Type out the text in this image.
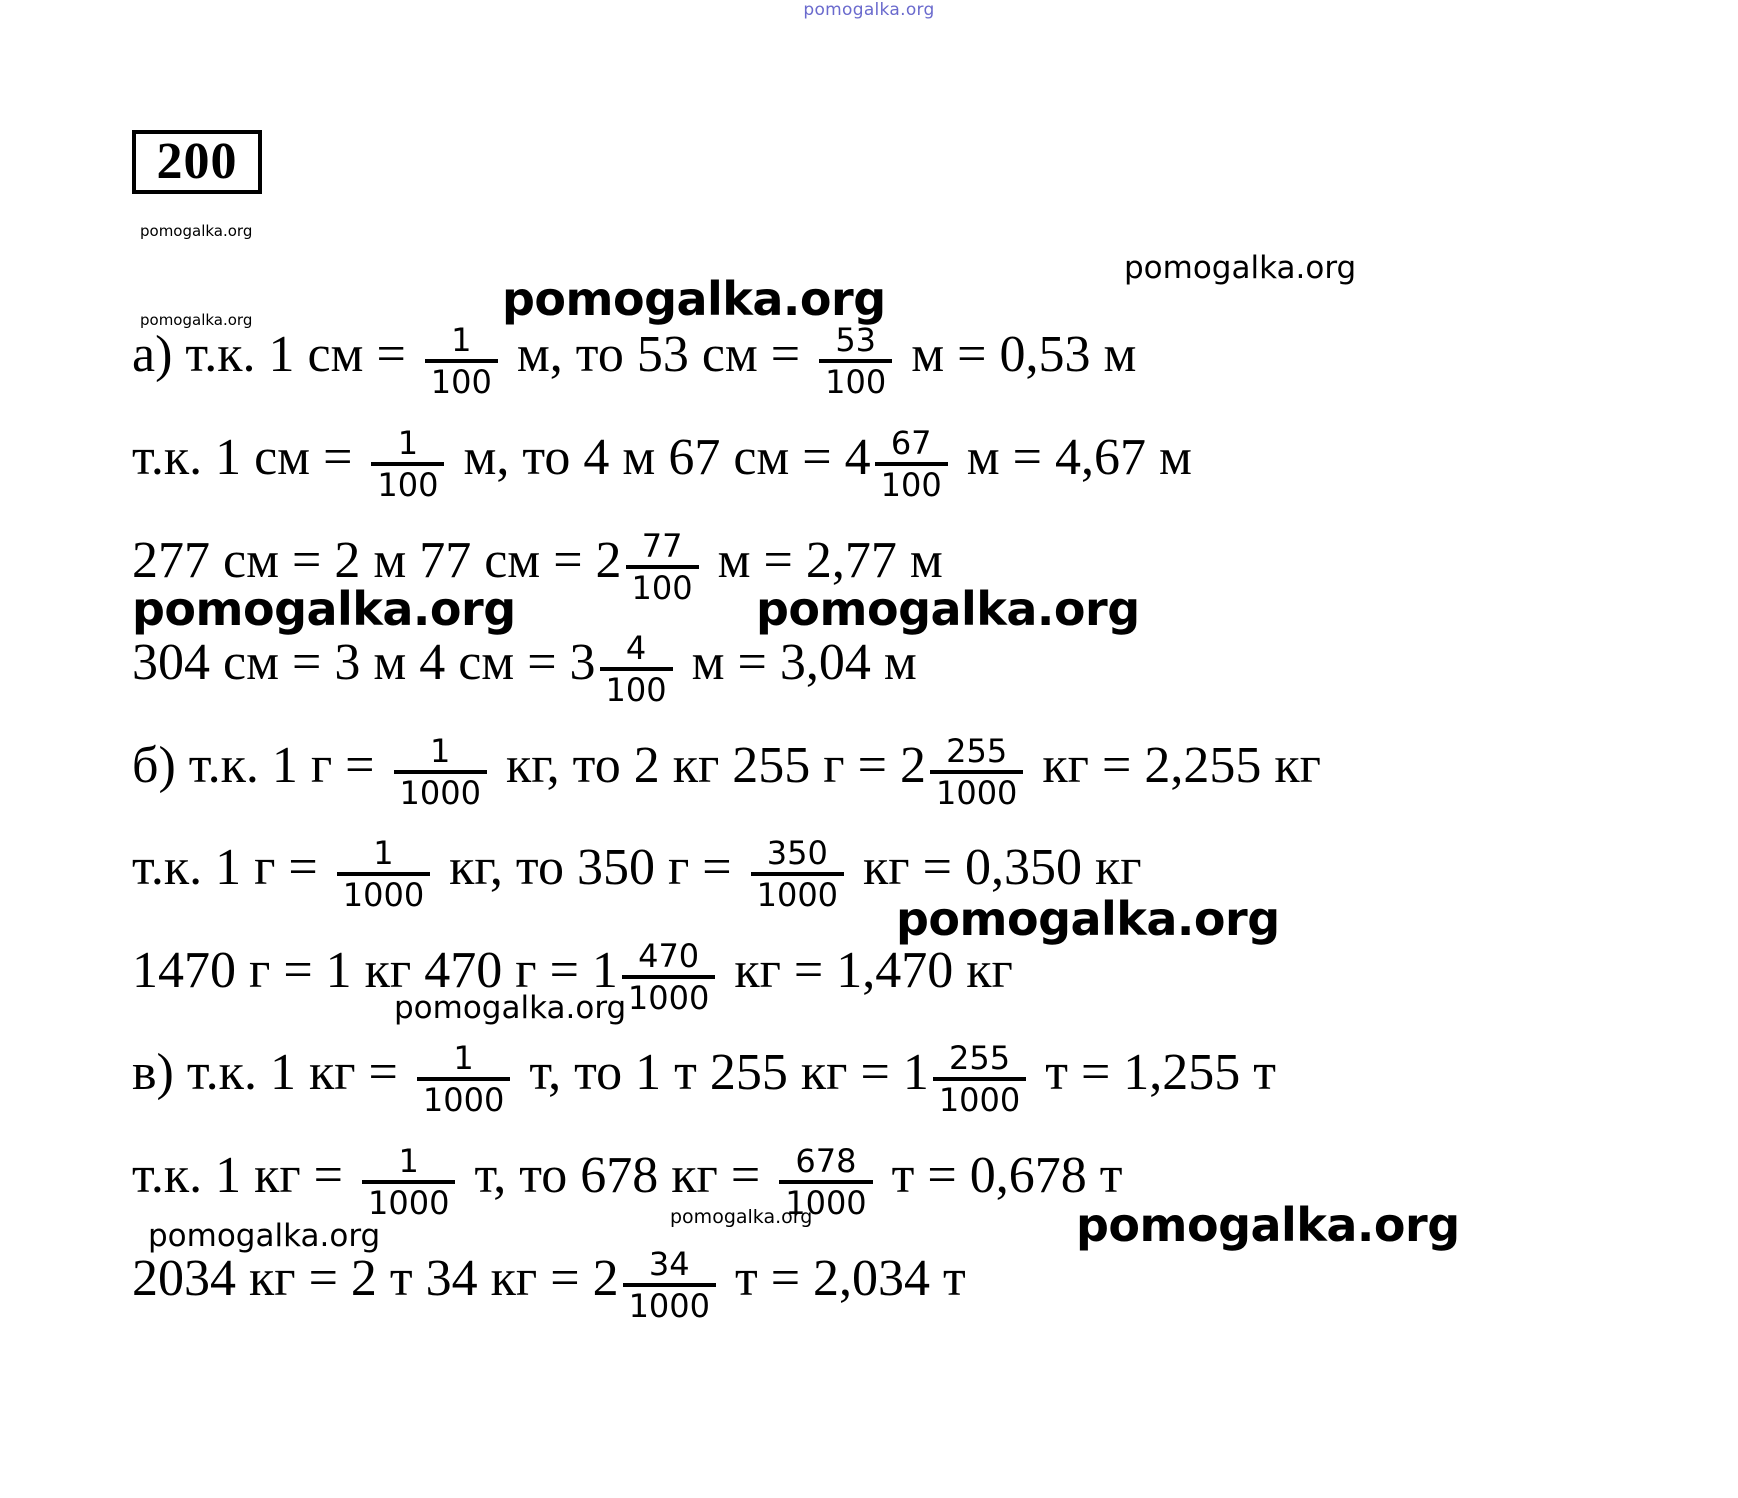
pomogalka.org
200
pomogalka.org
pomogalka.org
pomogalka.org
pomogalka.org
pomogalka.org	pomogalka.org
pomogalka.org
pomogalka.org
pomogalka.org
pomogalka.org	pomogalka.org
а) т.к. 1 см = $\frac{1}{100} м$, то 53 см = $\frac{53}{100}$ м = 0,53 м
т.к. 1 см = $\frac{1}{100} м$, то 4 м 67 см = $4 \frac{67}{100}$ м = 4,67 м
277 см = 2 м 77 см = $2 \frac{77}{100}$ м = 2,77 м
304 см = 3 м 4 см = $3 \frac{4}{100}$ м = 3,04 м
б) т.к. 1 $г = \frac{1}{1000}$ кг, то 2 кг 255 $г = 2 \frac{255}{1000}$ кг = 2,255 кг
т.к. 1 $г = \frac{1}{1000}$ кг, то 350 $г = \frac{350}{1000}$ кг = 0,350 кг
1470 г = 1 кг 470 $г = 1 \frac{470}{1000}$ кг = 1,470 кг
в) т.к. 1 кг = $\frac{1}{1000} т$, то 1 т 255 кг = $1 \frac{255}{1000}$ т = 1,255 т
т.к. 1 кг = $\frac{1}{1000} т$, то 678 кг = $\frac{678}{1000}$ т = 0,678 т
2034 кг = 2 т 34 кг = $2 \frac{34}{1000}$ т = 2,034 т
